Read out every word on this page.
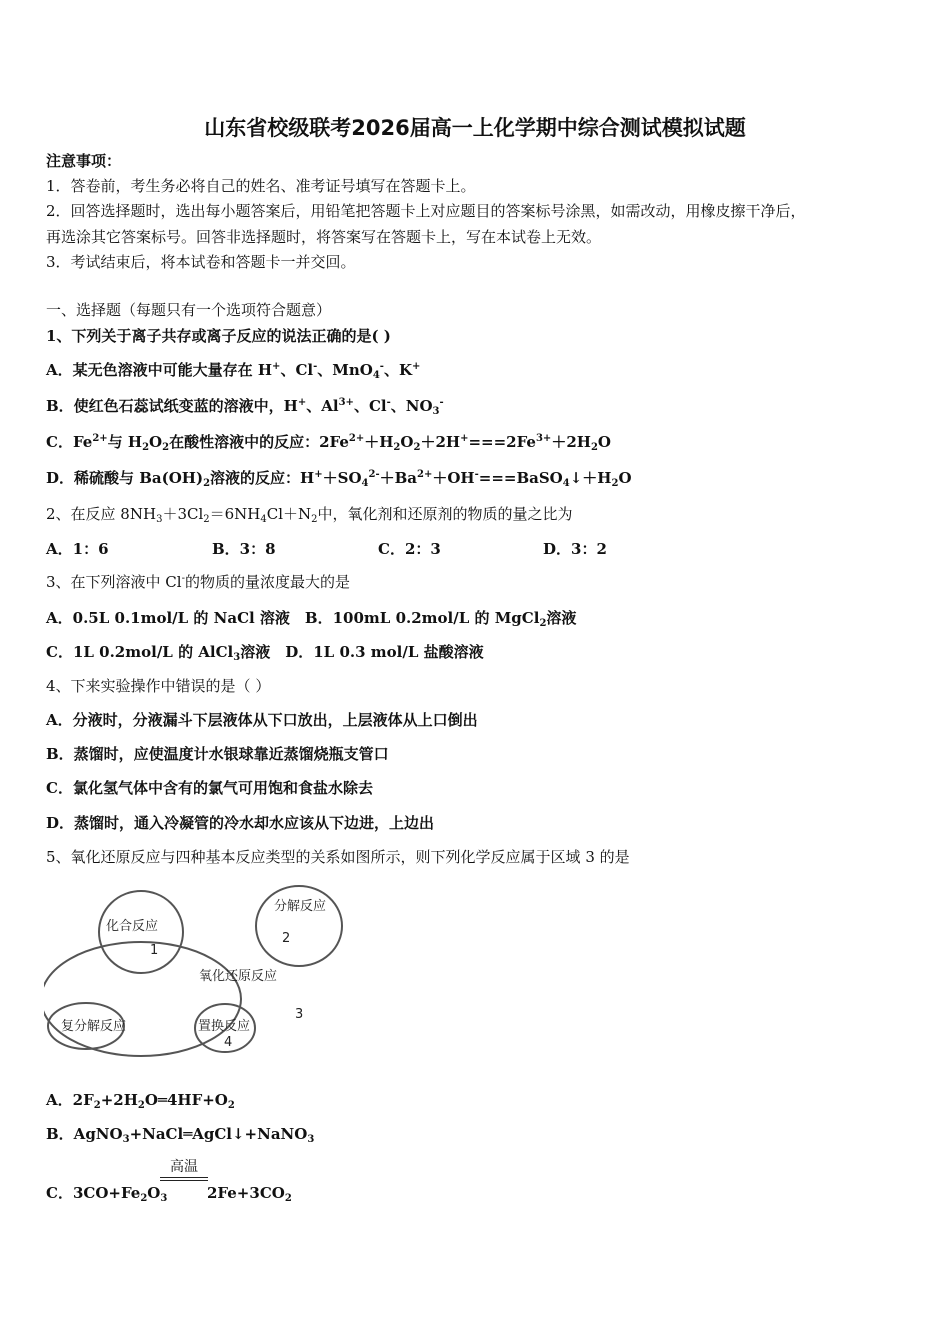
山东省校级联考2026届高一上化学期中综合测试模拟试题
注意事项：
1．答卷前，考生务必将自己的姓名、准考证号填写在答题卡上。
2．回答选择题时，选出每小题答案后，用铅笔把答题卡上对应题目的答案标号涂黑，如需改动，用橡皮擦干净后，
再选涂其它答案标号。回答非选择题时，将答案写在答题卡上，写在本试卷上无效。
3．考试结束后，将本试卷和答题卡一并交回。
一、选择题（每题只有一个选项符合题意）
1、下列关于离子共存或离子反应的说法正确的是( )
A．某无色溶液中可能大量存在 H+、Cl-、MnO$_4$-、K+
B．使红色石蕊试纸变蓝的溶液中，H+、$Al^{3+}$、Cl-、$NO_3^-$
C．$Fe^{2+}$与 $H_2O_2$在酸性溶液中的反应：$2Fe^{2+}+H_2O_2+2H^+===2Fe^{3+}+2H_2O$
D．稀硫酸与 $Ba(OH)_2$溶液的反应：$H^++SO_4^{2-}+Ba^{2+}+OH^-===BaSO_4↓+H_2O$
2、在反应 $8NH_3+3Cl_2=6NH_4Cl+N_2$中，氧化剂和还原剂的物质的量之比为
A．1：6	B．3：8	C．2：3	D．3：2
3、在下列溶液中 Cl-的物质的量浓度最大的是
A．0.5L 0.1mol/L 的 NaCl 溶液　B．100mL 0.2mol/L 的 MgCl$_2$溶液
C．1L 0.2mol/L 的 AlCl$_3$溶液　D．1L 0.3 mol/L 盐酸溶液
4、下来实验操作中错误的是（ ）
A．分液时，分液漏斗下层液体从下口放出，上层液体从上口倒出
B．蒸馏时，应使温度计水银球靠近蒸馏烧瓶支管口
C．氯化氢气体中含有的氯气可用饱和食盐水除去
D．蒸馏时，通入冷凝管的冷水却水应该从下边进，上边出
5、氧化还原反应与四种基本反应类型的关系如图所示，则下列化学反应属于区域 3 的是
化合反应
分解反应
氧化还原反应
复分解反应	置换反应
1
2
3
4
A．$2F_2+2H_2O═4HF+O_2$
B．AgNO$_3$+NaCl═AgCl↓+NaNO$_3$
C．$3CO+Fe_2O_3$
高温
$2Fe+3CO_2$
